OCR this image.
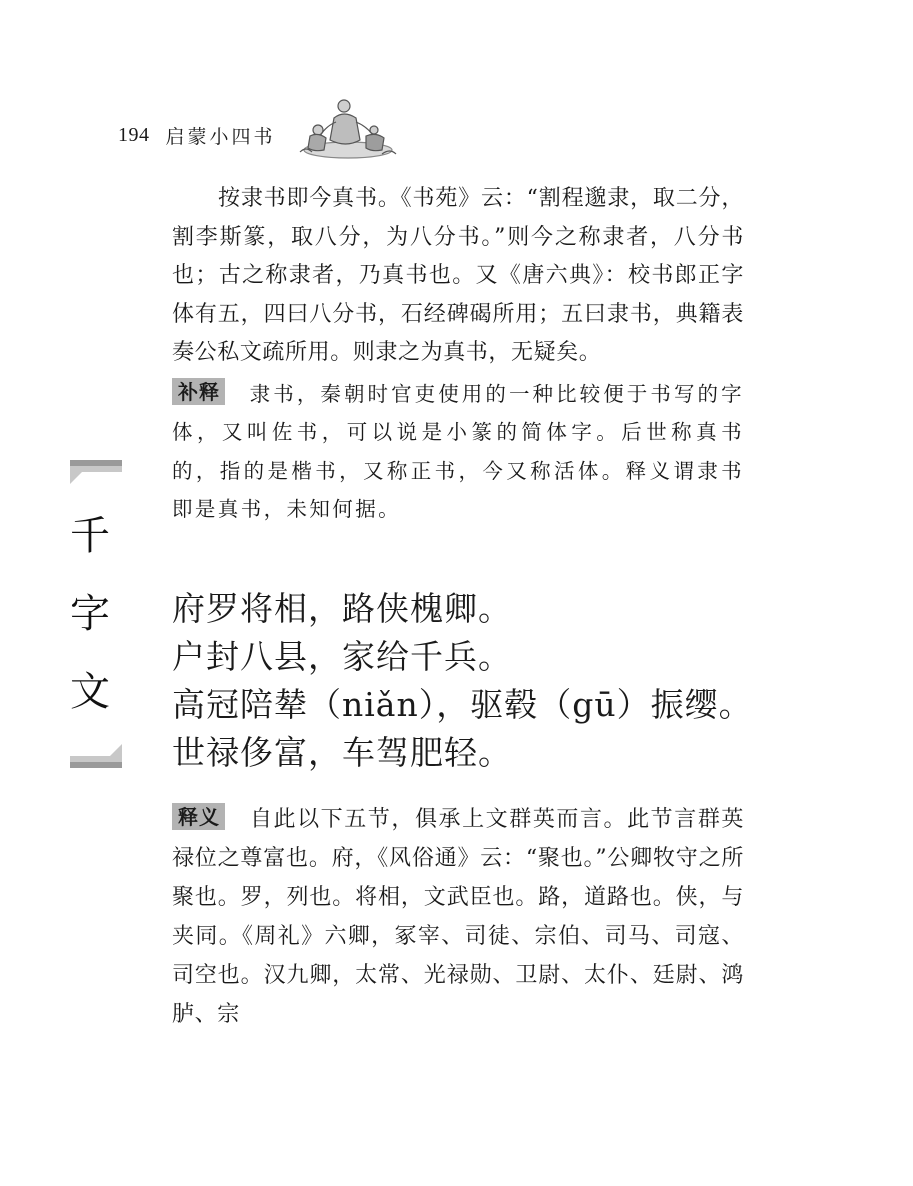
194 启蒙小四书

按隶书即今真书。《书苑》云：“割程邈隶，取二分，割李斯篆，取八分，为八分书。”则今之称隶者，八分书也；古之称隶者，乃真书也。又《唐六典》：校书郎正字体有五，四曰八分书，石经碑碣所用；五曰隶书，典籍表奏公私文疏所用。则隶之为真书，无疑矣。

补释 隶书，秦朝时官吏使用的一种比较便于书写的字体，又叫佐书，可以说是小篆的简体字。后世称真书的，指的是楷书，又称正书，今又称活体。释义谓隶书即是真书，未知何据。
千
字
文
府罗将相，路侠槐卿。
户封八县，家给千兵。
高冠陪辇（niǎn），驱毂（gū）振缨。
世禄侈富，车驾肥轻。

释义 自此以下五节，俱承上文群英而言。此节言群英禄位之尊富也。府，《风俗通》云：“聚也。”公卿牧守之所聚也。罗，列也。将相，文武臣也。路，道路也。侠，与夹同。《周礼》六卿，冢宰、司徒、宗伯、司马、司寇、司空也。汉九卿，太常、光禄勋、卫尉、太仆、廷尉、鸿胪、宗
